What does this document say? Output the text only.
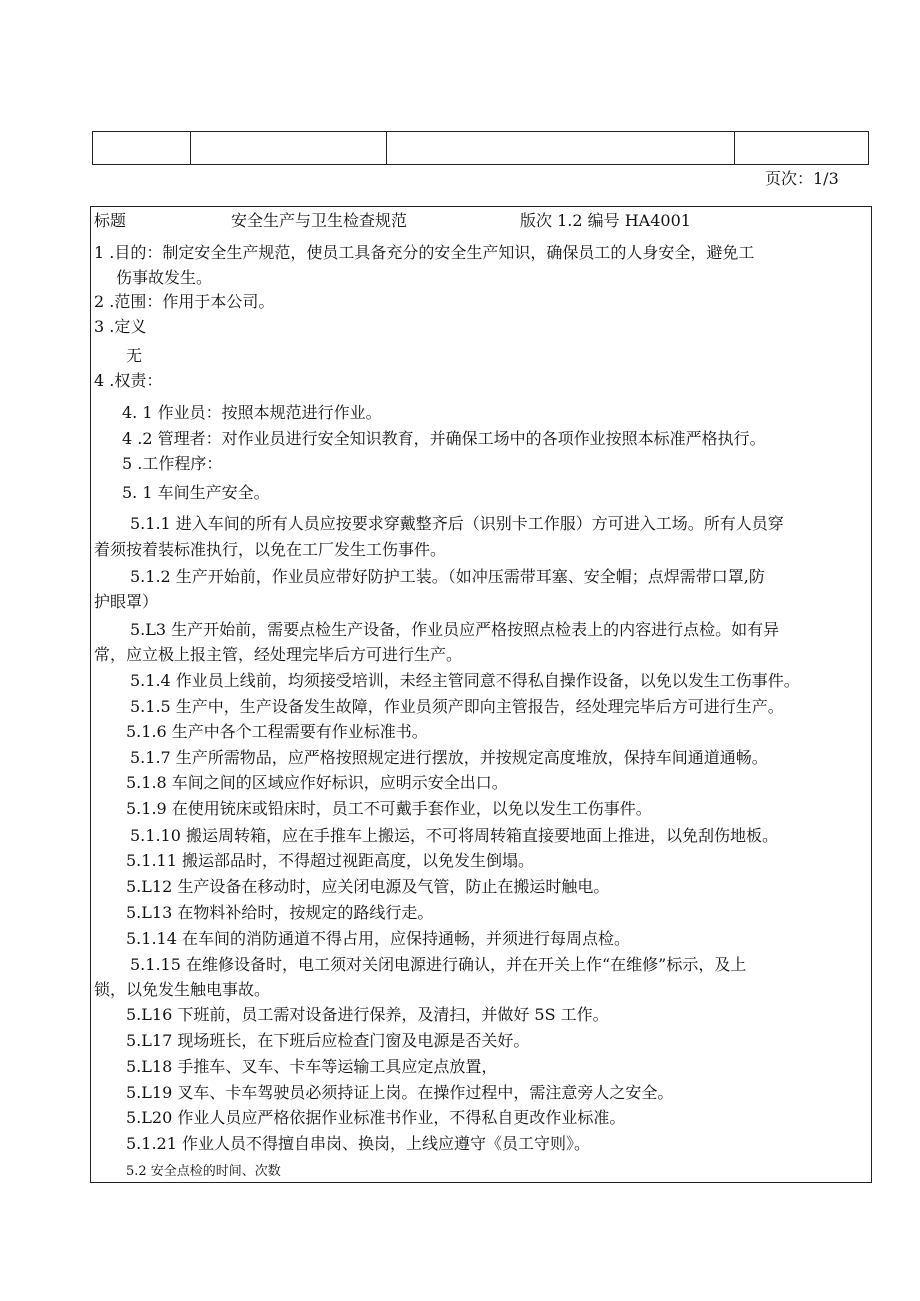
页次：1/3
标题	安全生产与卫生检查规范	版次 1.2 编号 HA4001
1 .目的：制定安全生产规范，使员工具备充分的安全生产知识，确保员工的人身安全，避免工
伤事故发生。
2 .范围：作用于本公司。
3 .定义
无
4 .权责：
4. 1 作业员：按照本规范进行作业。
4 .2 管理者：对作业员进行安全知识教育，并确保工场中的各项作业按照本标准严格执行。
5 .工作程序：
5. 1 车间生产安全。
5.1.1 进入车间的所有人员应按要求穿戴整齐后（识别卡工作服）方可进入工场。所有人员穿
着须按着装标准执行，以免在工厂发生工伤事件。
5.1.2 生产开始前，作业员应带好防护工装。（如冲压需带耳塞、安全帽；点焊需带口罩,防
护眼罩）
5.L3 生产开始前，需要点检生产设备，作业员应严格按照点检表上的内容进行点检。如有异
常，应立极上报主管，经处理完毕后方可进行生产。
5.1.4 作业员上线前，均须接受培训，未经主管同意不得私自操作设备，以免以发生工伤事件。
5.1.5 生产中，生产设备发生故障，作业员须产即向主管报告，经处理完毕后方可进行生产。
5.1.6 生产中各个工程需要有作业标准书。
5.1.7 生产所需物品，应严格按照规定进行摆放，并按规定高度堆放，保持车间通道通畅。
5.1.8 车间之间的区域应作好标识，应明示安全出口。
5.1.9 在使用铳床或铅床时，员工不可戴手套作业，以免以发生工伤事件。
5.1.10 搬运周转箱，应在手推车上搬运，不可将周转箱直接要地面上推进，以免刮伤地板。
5.1.11 搬运部品时，不得超过视距高度，以免发生倒塌。
5.L12 生产设备在移动时，应关闭电源及气管，防止在搬运时触电。
5.L13 在物料补给时，按规定的路线行走。
5.1.14 在车间的消防通道不得占用，应保持通畅，并须进行每周点检。
5.1.15 在维修设备时，电工须对关闭电源进行确认，并在开关上作“在维修”标示，及上
锁，以免发生触电事故。
5.L16 下班前，员工需对设备进行保养，及清扫，并做好 5S 工作。
5.L17 现场班长，在下班后应检查门窗及电源是否关好。
5.L18 手推车、叉车、卡车等运输工具应定点放置，
5.L19 叉车、卡车驾驶员必须持证上岗。在操作过程中，需注意旁人之安全。
5.L20 作业人员应严格依据作业标准书作业，不得私自更改作业标准。
5.1.21 作业人员不得擅自串岗、换岗，上线应遵守《员工守则》。
5.2 安全点检的时间、次数
